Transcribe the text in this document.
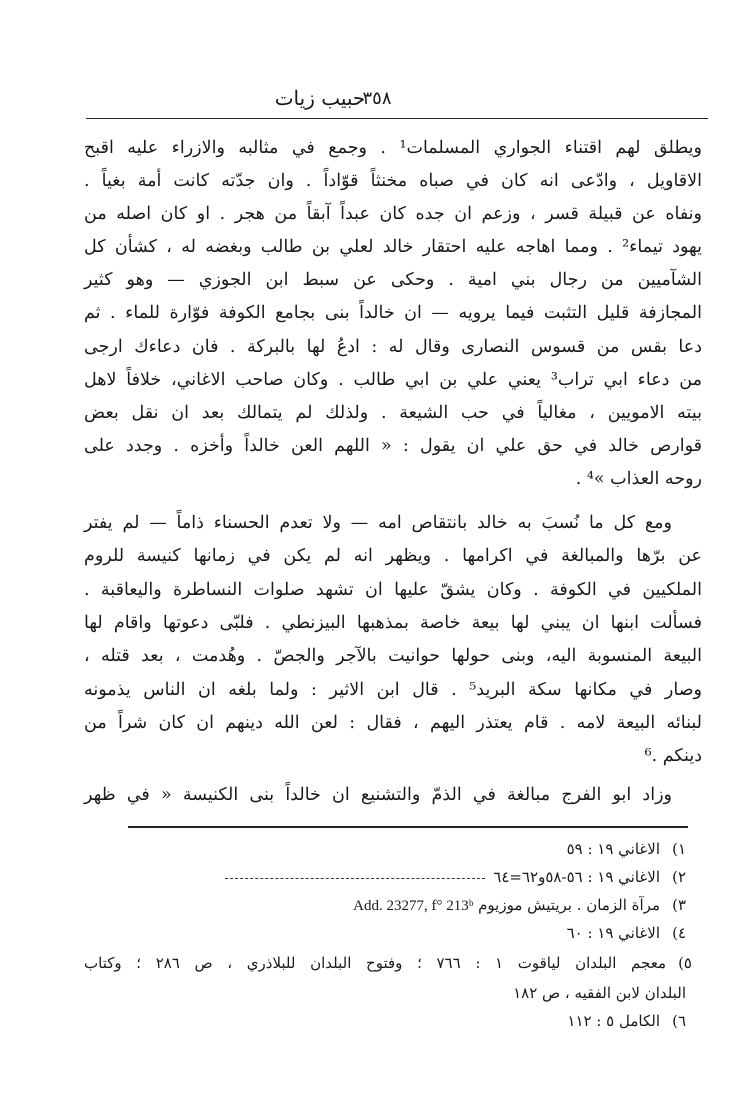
حبيب زيات
٣٥٨
ويطلق لهم اقتناء الجواري المسلمات¹ . وجمع في مثالبه والازراء عليه اقبح
الاقاويل ، وادّعى انه كان في صباه مخنثاً قوّاداً . وان جدّته كانت أمة بغياً .
ونفاه عن قبيلة قسر ، وزعم ان جده كان عبداً آبقاً من هجر . او كان اصله من
يهود تيماء² . ومما اهاجه عليه احتقار خالد لعلي بن طالب وبغضه له ، كشأن كل
الشآميين من رجال بني امية . وحكى عن سبط ابن الجوزي — وهو كثير
المجازفة قليل التثبت فيما يرويه — ان خالداً بنى بجامع الكوفة فوّارة للماء . ثم
دعا بقس من قسوس النصارى وقال له : ادعُ لها بالبركة . فان دعاءك ارجى
من دعاء ابي تراب³ يعني علي بن ابي طالب . وكان صاحب الاغاني، خلافاً لاهل
بيته الامويين ، مغالياً في حب الشيعة . ولذلك لم يتمالك بعد ان نقل بعض
قوارص خالد في حق علي ان يقول : « اللهم العن خالداً وأخزه . وجدد على
روحه العذاب »⁴ .
ومع كل ما نُسبَ به خالد بانتقاص امه — ولا تعدم الحسناء ذاماً — لم يفتر
عن برّها والمبالغة في اكرامها . ويظهر انه لم يكن في زمانها كنيسة للروم
الملكيين في الكوفة . وكان يشقّ عليها ان تشهد صلوات النساطرة واليعاقبة .
فسألت ابنها ان يبني لها بيعة خاصة بمذهبها البيزنطي . فلبّى دعوتها واقام لها
البيعة المنسوبة اليه، وبنى حولها حوانيت بالآجر والجصّ . وهُدمت ، بعد قتله ،
وصار في مكانها سكة البريد⁵ . قال ابن الاثير : ولما بلغه ان الناس يذمونه
لبنائه البيعة لامه . قام يعتذر اليهم ، فقال : لعن الله دينهم ان كان شراً من
دينكم .⁶
وزاد ابو الفرج مبالغة في الذمّ والتشنيع ان خالداً بنى الكنيسة « في ظهر
١)الاغاني ١٩ : ٥٩
٢)الاغاني ١٩ : ٥٦-٥٨و٦٢=٦٤
٣)مرآة الزمان . بريتيش موزيوم Add. 23277, f° 213ᵇ
٤)الاغاني ١٩ : ٦٠
٥)معجم البلدان لياقوت ١ : ٧٦٦ ؛ وفتوح البلدان للبلاذري ، ص ٢٨٦ ؛ وكتاب
البلدان لابن الفقيه ، ص ١٨٢
٦)الكامل ٥ : ١١٢
